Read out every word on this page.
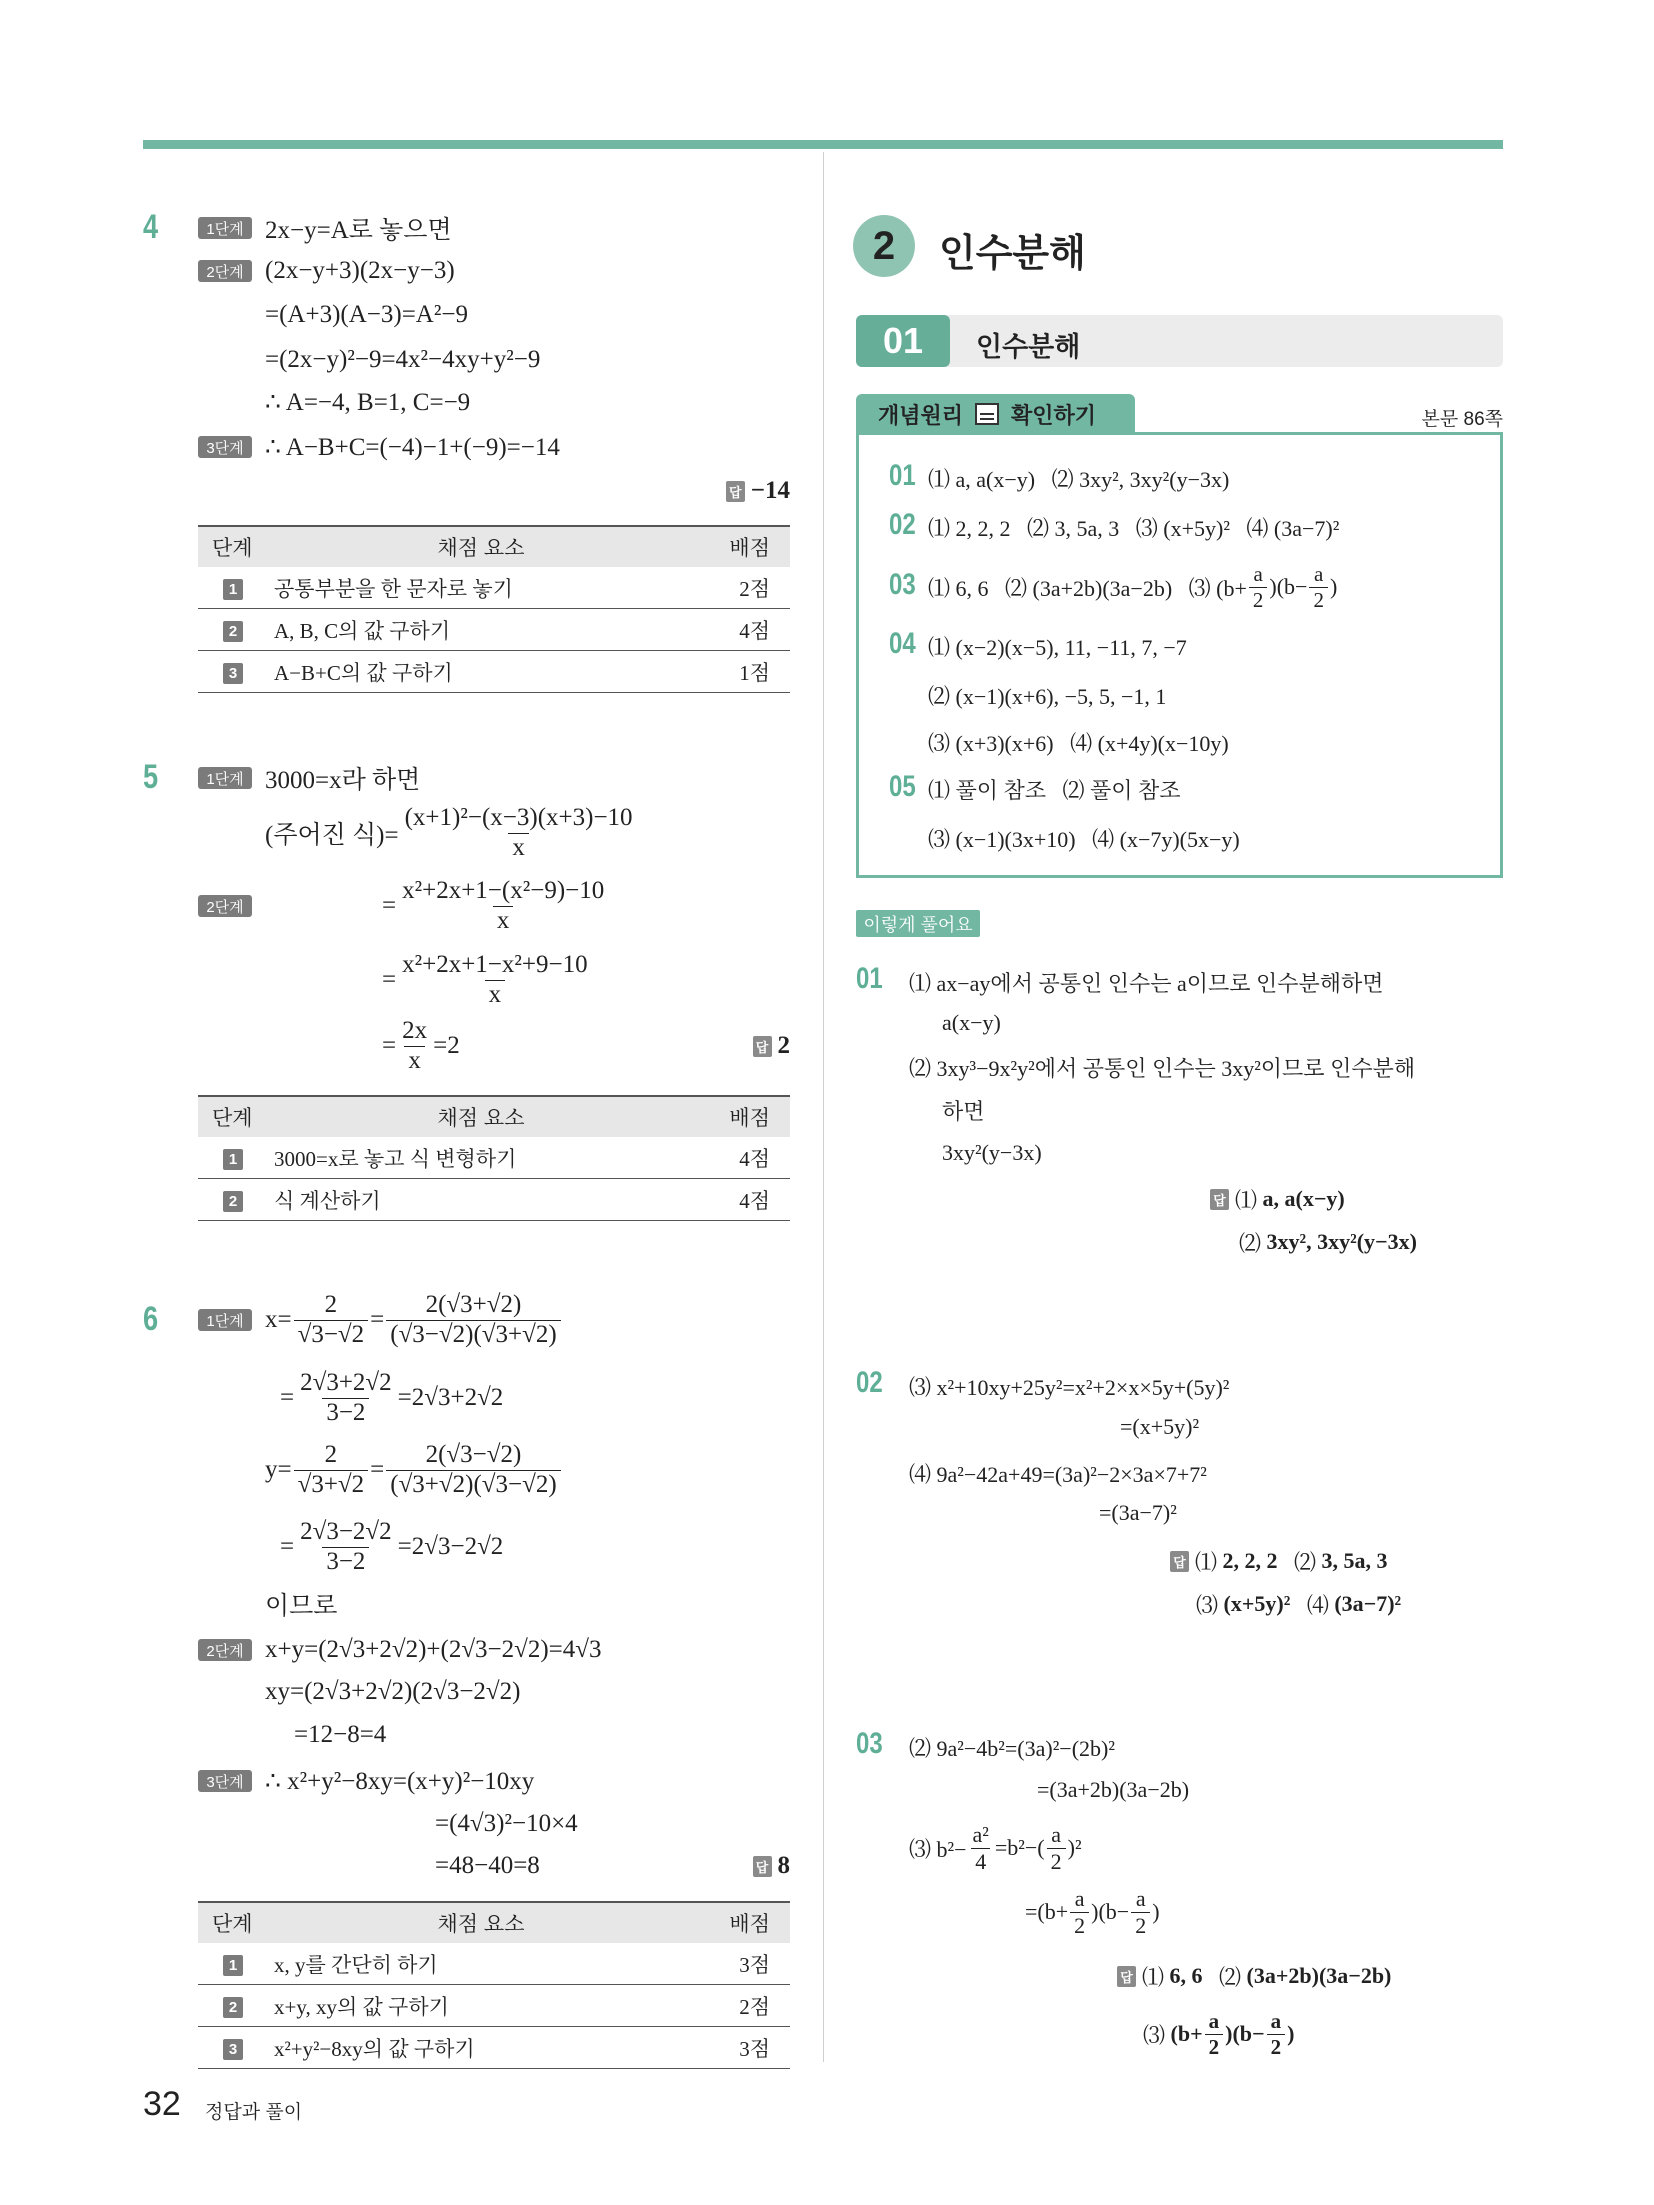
4
5
6
1단계 2x−y=A로 놓으면
2단계 (2x−y+3)(2x−y−3)
=(A+3)(A−3)=A²−9
=(2x−y)²−9=4x²−4xy+y²−9
∴ A=−4, B=1, C=−9
3단계 ∴ A−B+C=(−4)−1+(−9)=−14
답 −14
단계	채점 요소	배점
1	공통부분을 한 문자로 놓기	2점
2	A, B, C의 값 구하기	4점
3	A−B+C의 값 구하기	1점
1단계 3000=x라 하면
(주어진 식)= $\frac{\text{(x+1)²−(x−3)(x+3)−10}}{x}$
2단계	= $\frac{\text{x²+2x+1−(x²−9)−10}}{x}$
= $\frac{\text{x²+2x+1−x²+9−10}}{x}$
= $\frac{2x}{x} =2$	답 2
단계	채점 요소	배점
1	3000=x로 놓고 식 변형하기	4점
2	식 계산하기	4점
1단계 $x= \frac{2}{√3-√2} = \frac{2(√3+√2)}{(√3-√2)(√3+√2)}$
= $\frac{2√3+2√2}{3-2} =2√3+2√2$
$y= \frac{2}{√3+√2} = \frac{2(√3-√2)}{(√3+√2)(√3-√2)}$
= $\frac{2√3-2√2}{3-2} =2√3-2√2$
이므로
2단계 x+y=(2√3+2√2)+(2√3−2√2)=4√3
xy=(2√3+2√2)(2√3−2√2)
=12−8=4
3단계 ∴ x²+y²−8xy=(x+y)²−10xy
=(4√3)²−10×4
=48−40=8	답 8
단계	채점 요소	배점
1	x, y를 간단히 하기	3점
2	x+y, xy의 값 구하기	2점
3	x²+y²−8xy의 값 구하기	3점
2	인수분해
01	인수분해
개념원리 확인하기	본문 86쪽
이렇게 풀어요
01 ⑴ a, a(x−y)   ⑵ 3xy², 3xy²(y−3x)
02 ⑴ 2, 2, 2   ⑵ 3, 5a, 3   ⑶ (x+5y)²   ⑷ (3a−7)²
03 ⑴ 6, 6   ⑵ (3a+2b)(3a−2b)   ⑶ $(b+ \frac{a}{2} )(b- \frac{a}{2}$ )
04 ⑴ (x−2)(x−5), 11, −11, 7, −7
⑵ (x−1)(x+6), −5, 5, −1, 1
⑶ (x+3)(x+6)   ⑷ (x+4y)(x−10y)
05 ⑴ 풀이 참조   ⑵ 풀이 참조
⑶ (x−1)(3x+10)   ⑷ (x−7y)(5x−y)
01 ⑴ ax−ay에서 공통인 인수는 a이므로 인수분해하면
a(x−y)
⑵ 3xy³−9x²y²에서 공통인 인수는 3xy²이므로 인수분해
하면
3xy²(y−3x)
답 ⑴ a, a(x−y)
⑵ 3xy², 3xy²(y−3x)
02 ⑶ x²+10xy+25y²=x²+2×x×5y+(5y)²
=(x+5y)²
⑷ 9a²−42a+49=(3a)²−2×3a×7+7²
=(3a−7)²
답 ⑴ 2, 2, 2 ⑵ 3, 5a, 3
⑶ (x+5y)² ⑷ (3a−7)²
03 ⑵ 9a²−4b²=(3a)²−(2b)²
=(3a+2b)(3a−2b)
⑶ $b^2- \frac{\text{a²}}{4} =b^2-( \frac{a}{2} )^2$
$=(b+ \frac{a}{2} )(b- \frac{a}{2}$ )
답 ⑴ 6, 6 ⑵ (3a+2b)(3a−2b)
⑶ $(b+ \frac{a}{2} )(b- \frac{a}{2}$ )
32 정답과 풀이
